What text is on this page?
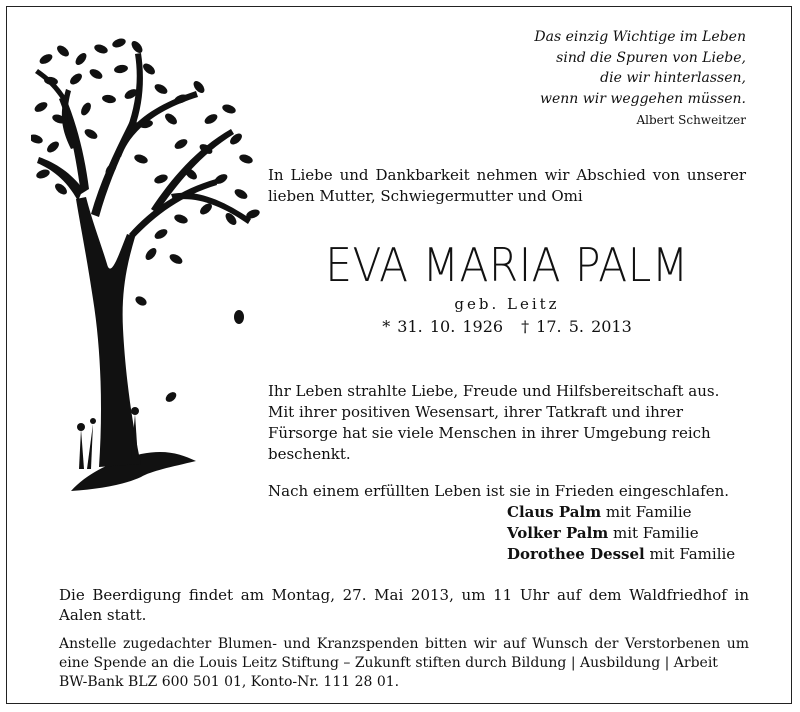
Das einzig Wichtige im Leben
sind die Spuren von Liebe,
die wir hinterlassen,
wenn wir weggehen müssen.
Albert Schweitzer
In Liebe und Dankbarkeit nehmen wir Abschied von unserer lieben Mutter, Schwiegermutter und Omi
EVA MARIA PALM
geb. Leitz
* 31. 10. 1926 † 17. 5. 2013

Ihr Leben strahlte Liebe, Freude und Hilfsbereitschaft aus. Mit ihrer positiven Wesensart, ihrer Tatkraft und ihrer Fürsorge hat sie viele Menschen in ihrer Umgebung reich beschenkt.

Nach einem erfüllten Leben ist sie in Frieden eingeschlafen.

Claus Palm mit Familie
Volker Palm mit Familie
Dorothee Dessel mit Familie
Die Beerdigung findet am Montag, 27. Mai 2013, um 11 Uhr auf dem Waldfriedhof in Aalen statt.
Anstelle zugedachter Blumen- und Kranzspenden bitten wir auf Wunsch der Verstorbenen um eine Spende an die Louis Leitz Stiftung – Zukunft stiften durch Bildung | Ausbildung | Arbeit
BW-Bank BLZ 600 501 01, Konto-Nr. 111 28 01.
